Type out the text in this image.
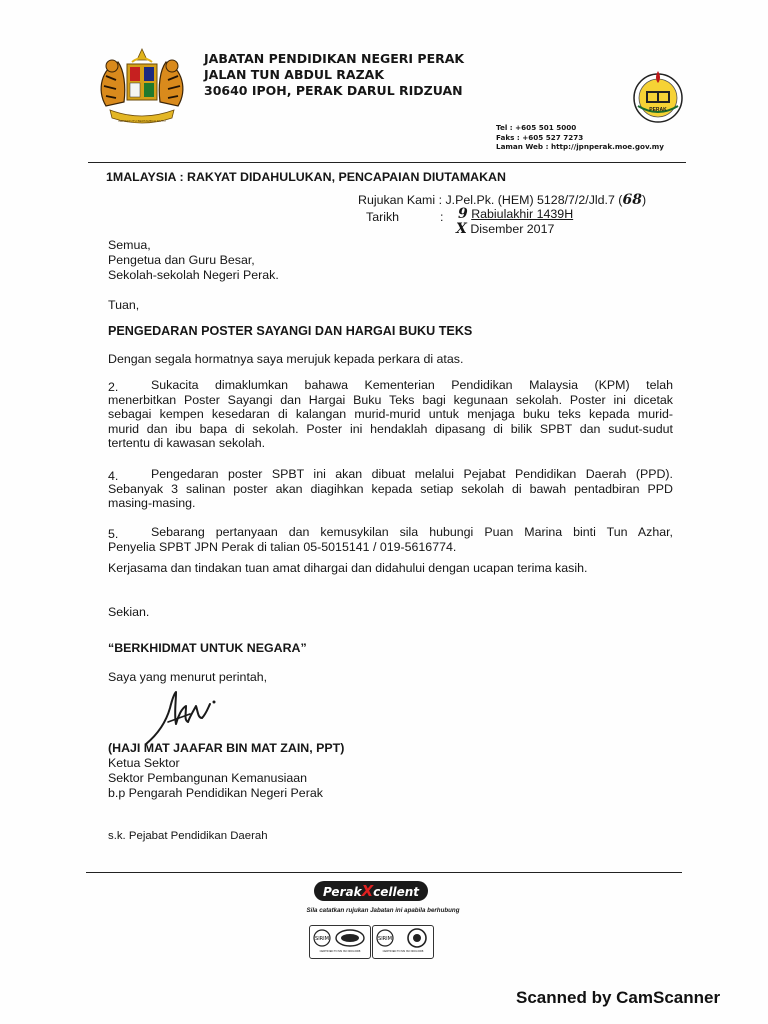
BERSEKUTU BERTAMBAH MUTU
JABATAN PENDIDIKAN NEGERI PERAK
JALAN TUN ABDUL RAZAK
30640 IPOH, PERAK DARUL RIDZUAN
PERAK
Tel : +605 501 5000
Faks : +605 527 7273
Laman Web : http://jpnperak.moe.gov.my
1MALAYSIA : RAKYAT DIDAHULUKAN, PENCAPAIAN DIUTAMAKAN
Rujukan Kami : J.Pel.Pk. (HEM) 5128/7/2/Jld.7 (68)
Tarikh	: 9 Rabiulakhir 1439H
X Disember 2017
Semua,
Pengetua dan Guru Besar,
Sekolah-sekolah Negeri Perak.
Tuan,
PENGEDARAN POSTER SAYANGI DAN HARGAI BUKU TEKS
Dengan segala hormatnya saya merujuk kepada perkara di atas.
2.	Sukacita dimaklumkan bahawa Kementerian Pendidikan Malaysia (KPM) telah
menerbitkan Poster Sayangi dan Hargai Buku Teks bagi kegunaan sekolah. Poster ini dicetak
sebagai kempen kesedaran di kalangan murid-murid untuk menjaga buku teks kepada murid-
murid dan ibu bapa di sekolah. Poster ini hendaklah dipasang di bilik SPBT dan sudut-sudut
tertentu di kawasan sekolah.
4.	Pengedaran poster SPBT ini akan dibuat melalui Pejabat Pendidikan Daerah (PPD).
Sebanyak 3 salinan poster akan diagihkan kepada setiap sekolah di bawah pentadbiran PPD
masing-masing.
5.	Sebarang pertanyaan dan kemusykilan sila hubungi Puan Marina binti Tun Azhar,
Penyelia SPBT JPN Perak di talian 05-5015141 / 019-5616774.
Kerjasama dan tindakan tuan amat dihargai dan didahului dengan ucapan terima kasih.
Sekian.
“BERKHIDMAT UNTUK NEGARA”
Saya yang menurut perintah,
(HAJI MAT JAAFAR BIN MAT ZAIN, PPT)
Ketua Sektor
Sektor Pembangunan Kemanusiaan
b.p Pengarah Pendidikan Negeri Perak
s.k. Pejabat Pendidikan Daerah
PerakXcellent
Sila catatkan rujukan Jabatan ini apabila berhubung
SIRIM
CERTIFIED TO MS ISO 9001:2008
SIRIM
CERTIFIED TO MS ISO 9001:2008
Scanned by CamScanner
